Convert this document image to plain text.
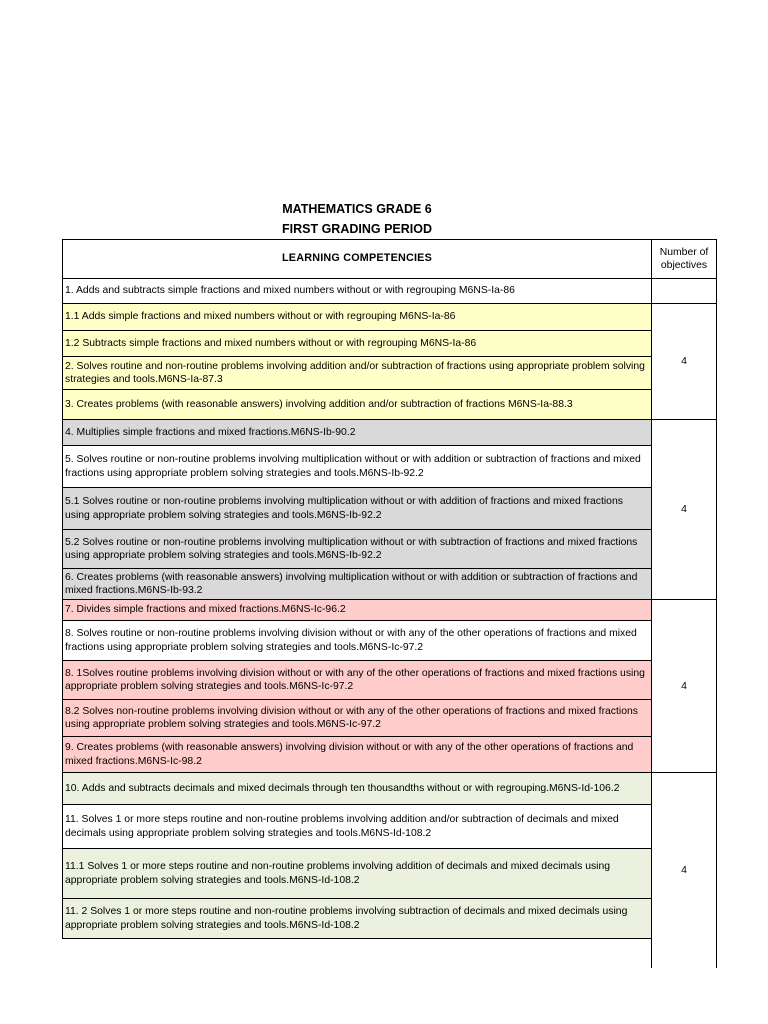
MATHEMATICS GRADE 6
FIRST GRADING PERIOD
LEARNING COMPETENCIES	Number of objectives
1. Adds and subtracts simple fractions and mixed numbers without or with regrouping M6NS-Ia-86
1.1 Adds simple fractions and mixed numbers without or with regrouping M6NS-Ia-86
1.2 Subtracts simple fractions and mixed numbers without or with regrouping M6NS-Ia-86
2. Solves routine and non-routine problems involving addition and/or subtraction of fractions using appropriate problem solving strategies and tools.M6NS-Ia-87.3
3. Creates problems (with reasonable answers) involving addition and/or subtraction of fractions M6NS-Ia-88.3
4. Multiplies simple fractions and mixed fractions.M6NS-Ib-90.2
5. Solves routine or non-routine problems involving multiplication without or with addition or subtraction of fractions and mixed fractions using appropriate problem solving strategies and tools.M6NS-Ib-92.2
5.1 Solves routine or non-routine problems involving multiplication without or with addition of fractions and mixed fractions using appropriate problem solving strategies and tools.M6NS-Ib-92.2
5.2 Solves routine or non-routine problems involving multiplication without or with subtraction of fractions and mixed fractions using appropriate problem solving strategies and tools.M6NS-Ib-92.2
6. Creates problems (with reasonable answers) involving multiplication without or with addition or subtraction of fractions and mixed fractions.M6NS-Ib-93.2
7. Divides simple fractions and mixed fractions.M6NS-Ic-96.2
8. Solves routine or non-routine problems involving division without or with any of the other operations of fractions and mixed fractions using appropriate problem solving strategies and tools.M6NS-Ic-97.2
8. 1Solves routine problems involving division without or with any of the other operations of fractions and mixed fractions using appropriate problem solving strategies and tools.M6NS-Ic-97.2
8.2 Solves non-routine problems involving division without or with any of the other operations of fractions and mixed fractions using appropriate problem solving strategies and tools.M6NS-Ic-97.2
9. Creates problems (with reasonable answers) involving division without or with any of the other operations of fractions and mixed fractions.M6NS-Ic-98.2
10. Adds and subtracts decimals and mixed decimals through ten thousandths without or with regrouping.M6NS-Id-106.2
11. Solves 1 or more steps routine and non-routine problems involving addition and/or subtraction of decimals and mixed decimals using appropriate problem solving strategies and tools.M6NS-Id-108.2
11.1 Solves 1 or more steps routine and non-routine problems involving addition of decimals and mixed decimals using appropriate problem solving strategies and tools.M6NS-Id-108.2
11. 2 Solves 1 or more steps routine and non-routine problems involving subtraction of decimals and mixed decimals using appropriate problem solving strategies and tools.M6NS-Id-108.2
4
4
4
4
